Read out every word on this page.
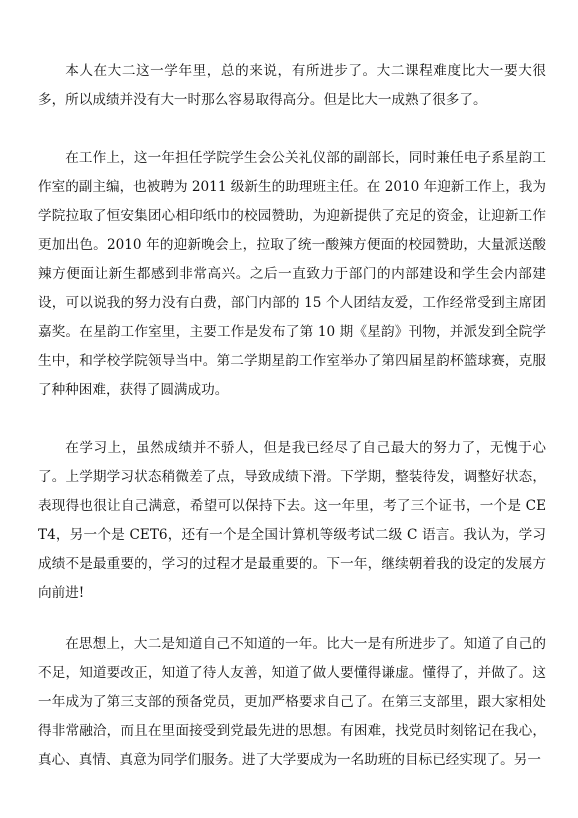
本人在大二这一学年里，总的来说，有所进步了。大二课程难度比大一要大很多，所以成绩并没有大一时那么容易取得高分。但是比大一成熟了很多了。

在工作上，这一年担任学院学生会公关礼仪部的副部长，同时兼任电子系星韵工作室的副主编，也被聘为 2011 级新生的助理班主任。在 2010 年迎新工作上，我为学院拉取了恒安集团心相印纸巾的校园赞助，为迎新提供了充足的资金，让迎新工作更加出色。2010 年的迎新晚会上，拉取了统一酸辣方便面的校园赞助，大量派送酸辣方便面让新生都感到非常高兴。之后一直致力于部门的内部建设和学生会内部建设，可以说我的努力没有白费，部门内部的 15 个人团结友爱，工作经常受到主席团嘉奖。在星韵工作室里，主要工作是发布了第 10 期《星韵》刊物，并派发到全院学生中，和学校学院领导当中。第二学期星韵工作室举办了第四届星韵杯篮球赛，克服了种种困难，获得了圆满成功。

在学习上，虽然成绩并不骄人，但是我已经尽了自己最大的努力了，无愧于心了。上学期学习状态稍微差了点，导致成绩下滑。下学期，整装待发，调整好状态，表现得也很让自己满意，希望可以保持下去。这一年里，考了三个证书，一个是 CET4，另一个是 CET6，还有一个是全国计算机等级考试二级 C 语言。我认为，学习成绩不是最重要的，学习的过程才是最重要的。下一年，继续朝着我的设定的发展方向前进!

在思想上，大二是知道自己不知道的一年。比大一是有所进步了。知道了自己的不足，知道要改正，知道了待人友善，知道了做人要懂得谦虚。懂得了，并做了。这一年成为了第三支部的预备党员，更加严格要求自己了。在第三支部里，跟大家相处得非常融洽，而且在里面接受到党最先进的思想。有困难，找党员时刻铭记在我心，真心、真情、真意为同学们服务。进了大学要成为一名助班的目标已经实现了。另一
